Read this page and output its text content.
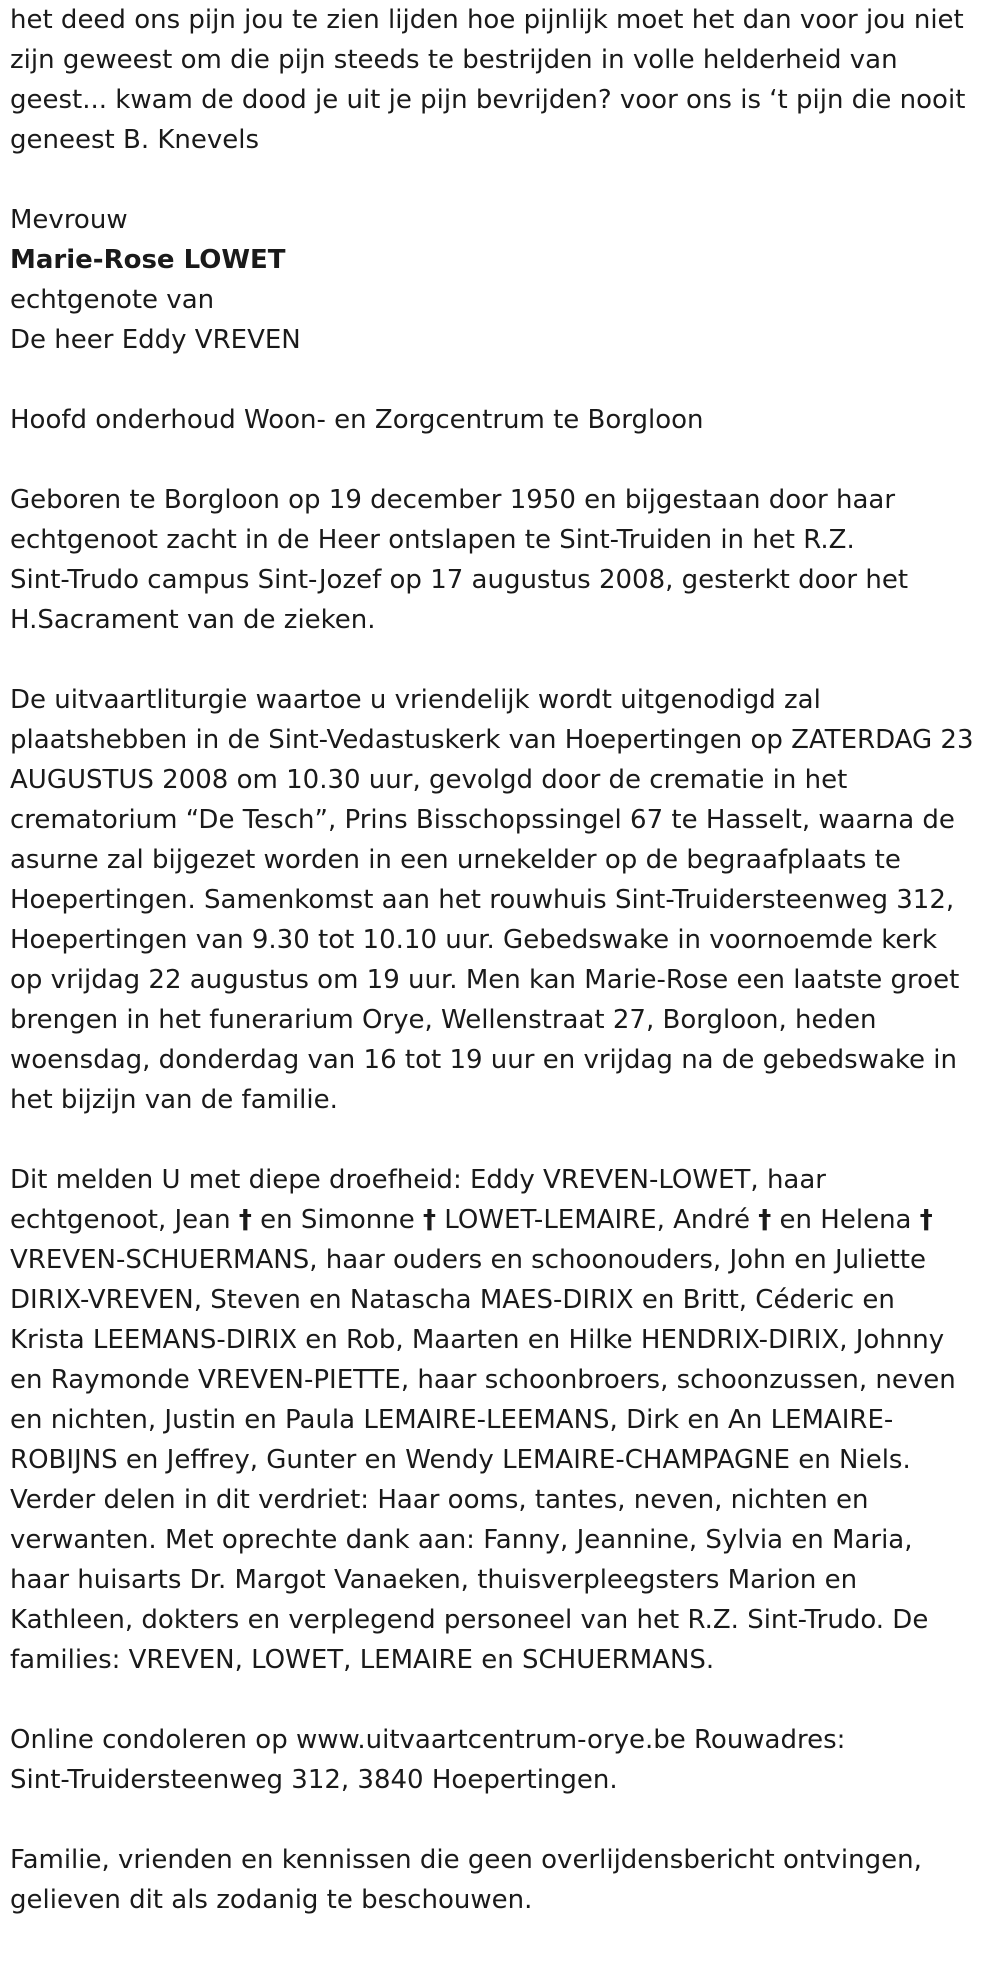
het deed ons pijn jou te zien lijden hoe pijnlijk moet het dan voor jou niet

zijn geweest om die pijn steeds te bestrijden in volle helderheid van

geest... kwam de dood je uit je pijn bevrijden? voor ons is ‘t pijn die nooit

geneest B. Knevels

Mevrouw

Marie-Rose LOWET

echtgenote van

De heer Eddy VREVEN

Hoofd onderhoud Woon- en Zorgcentrum te Borgloon

Geboren te Borgloon op 19 december 1950 en bijgestaan door haar

echtgenoot zacht in de Heer ontslapen te Sint-Truiden in het R.Z.

Sint-Trudo campus Sint-Jozef op 17 augustus 2008, gesterkt door het

H.Sacrament van de zieken.

De uitvaartliturgie waartoe u vriendelijk wordt uitgenodigd zal

plaatshebben in de Sint-Vedastuskerk van Hoepertingen op ZATERDAG 23

AUGUSTUS 2008 om 10.30 uur, gevolgd door de crematie in het

crematorium “De Tesch”, Prins Bisschopssingel 67 te Hasselt, waarna de

asurne zal bijgezet worden in een urnekelder op de begraafplaats te

Hoepertingen. Samenkomst aan het rouwhuis Sint-Truidersteenweg 312,

Hoepertingen van 9.30 tot 10.10 uur. Gebedswake in voornoemde kerk

op vrijdag 22 augustus om 19 uur. Men kan Marie-Rose een laatste groet

brengen in het funerarium Orye, Wellenstraat 27, Borgloon, heden

woensdag, donderdag van 16 tot 19 uur en vrijdag na de gebedswake in

het bijzijn van de familie.

Dit melden U met diepe droefheid: Eddy VREVEN-LOWET, haar

echtgenoot, Jean † en Simonne † LOWET-LEMAIRE, André † en Helena †

VREVEN-SCHUERMANS, haar ouders en schoonouders, John en Juliette

DIRIX-VREVEN, Steven en Natascha MAES-DIRIX en Britt, Céderic en

Krista LEEMANS-DIRIX en Rob, Maarten en Hilke HENDRIX-DIRIX, Johnny

en Raymonde VREVEN-PIETTE, haar schoonbroers, schoonzussen, neven

en nichten, Justin en Paula LEMAIRE-LEEMANS, Dirk en An LEMAIRE-

ROBIJNS en Jeffrey, Gunter en Wendy LEMAIRE-CHAMPAGNE en Niels.

Verder delen in dit verdriet: Haar ooms, tantes, neven, nichten en

verwanten. Met oprechte dank aan: Fanny, Jeannine, Sylvia en Maria,

haar huisarts Dr. Margot Vanaeken, thuisverpleegsters Marion en

Kathleen, dokters en verplegend personeel van het R.Z. Sint-Trudo. De

families: VREVEN, LOWET, LEMAIRE en SCHUERMANS.

Online condoleren op www.uitvaartcentrum-orye.be Rouwadres:

Sint-Truidersteenweg 312, 3840 Hoepertingen.

Familie, vrienden en kennissen die geen overlijdensbericht ontvingen,

gelieven dit als zodanig te beschouwen.
